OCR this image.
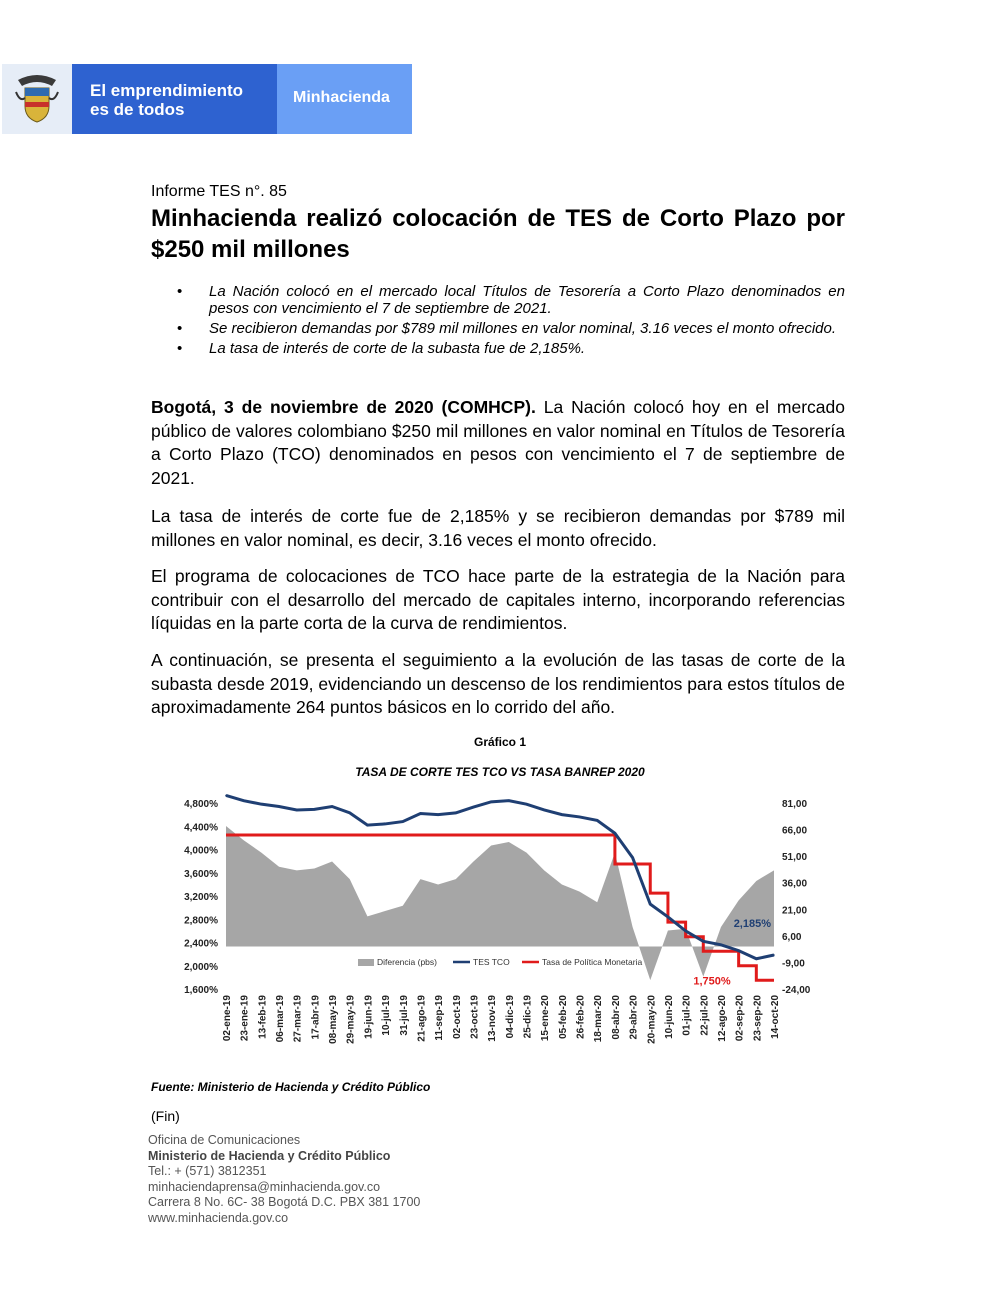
El emprendimiento
es de todos
Minhacienda
Informe TES n°. 85
Minhacienda realizó colocación de TES de Corto Plazo por $250 mil millones
• La Nación colocó en el mercado local Títulos de Tesorería a Corto Plazo denominados en pesos con vencimiento el 7 de septiembre de 2021.
• Se recibieron demandas por $789 mil millones en valor nominal, 3.16 veces el monto ofrecido.
• La tasa de interés de corte de la subasta fue de 2,185%.
Bogotá, 3 de noviembre de 2020 (COMHCP). La Nación colocó hoy en el mercado público de valores colombiano $250 mil millones en valor nominal en Títulos de Tesorería a Corto Plazo (TCO) denominados en pesos con vencimiento el 7 de septiembre de 2021.
La tasa de interés de corte fue de 2,185% y se recibieron demandas por $789 mil millones en valor nominal, es decir, 3.16 veces el monto ofrecido.
El programa de colocaciones de TCO hace parte de la estrategia de la Nación para contribuir con el desarrollo del mercado de capitales interno, incorporando referencias líquidas en la parte corta de la curva de rendimientos.
A continuación, se presenta el seguimiento a la evolución de las tasas de corte de la subasta desde 2019, evidenciando un descenso de los rendimientos para estos títulos de aproximadamente 264 puntos básicos en lo corrido del año.
Gráfico 1
TASA DE CORTE TES TCO VS TASA BANREP 2020
4,800%
4,400%
4,000%
3,600%
3,200%
2,800%
2,400%
2,000%
1,600%
81,00
66,00
51,00
36,00
21,00
6,00
-9,00
-24,00
02-ene-19 23-ene-19 13-feb-19 06-mar-19 27-mar-19 17-abr-19 08-may-19 29-may-19 19-jun-19 10-jul-19 31-jul-19 21-ago-19 11-sep-19 02-oct-19 23-oct-19 13-nov-19 04-dic-19 25-dic-19 15-ene-20 05-feb-20 26-feb-20 18-mar-20 08-abr-20 29-abr-20 20-may-20 10-jun-20 01-jul-20 22-jul-20 12-ago-20 02-sep-20 23-sep-20 14-oct-20
2,185%
1,750%
Diferencia (pbs)	TES TCO	Tasa de Política Monetaria
Fuente: Ministerio de Hacienda y Crédito Público
(Fin)
Oficina de Comunicaciones
Ministerio de Hacienda y Crédito Público
Tel.: + (571) 3812351
minhaciendaprensa@minhacienda.gov.co
Carrera 8 No. 6C- 38 Bogotá D.C. PBX 381 1700
www.minhacienda.gov.co
